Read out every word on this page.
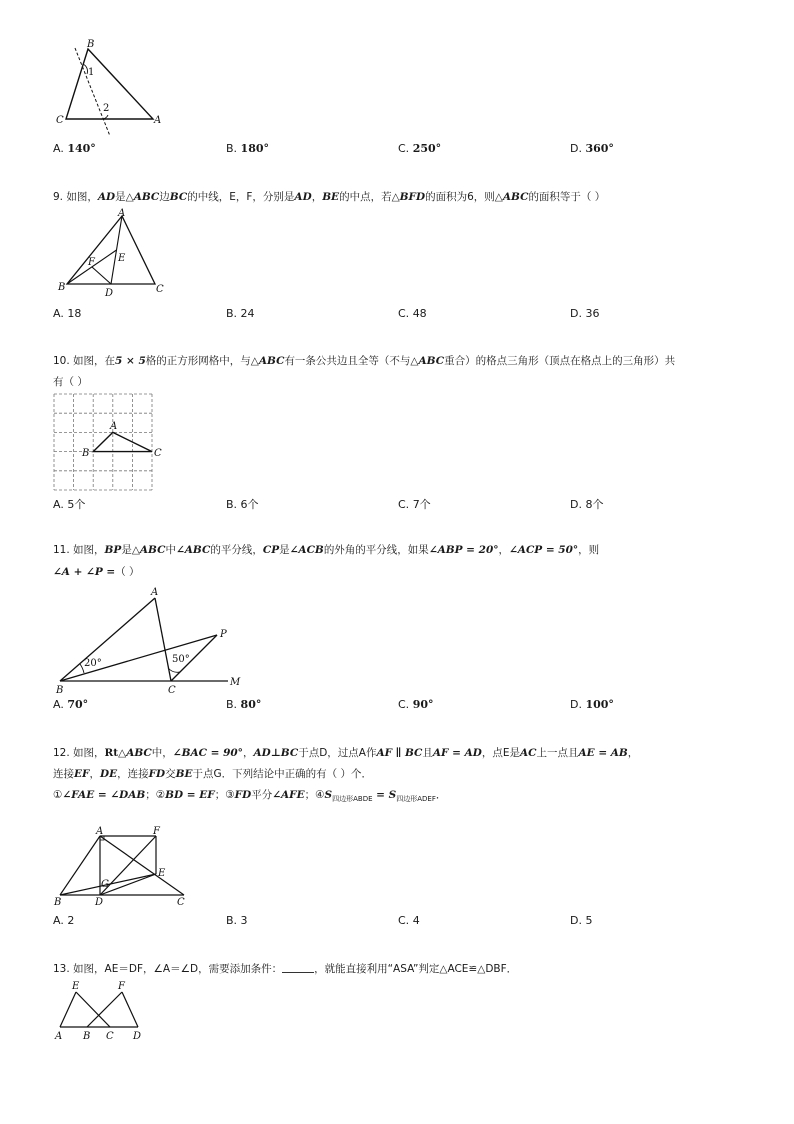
B
1
2
C	A
A. 140°	B. 180°	C. 250°	D. 360°
9. 如图，AD是△ABC边BC的中线，E，F，分别是AD，BE的中点，若△BFD的面积为6，则△ABC的面积等于（ ）
A
F E
B
D	C
A. 18	B. 24	C. 48	D. 36
10. 如图，在5 × 5格的正方形网格中，与△ABC有一条公共边且全等（不与△ABC重合）的格点三角形（顶点在格点上的三角形）共
有（ ）
A
B	C
A. 5个	B. 6个	C. 7个	D. 8个
11. 如图，BP是△ABC中∠ABC的平分线，CP是∠ACB的外角的平分线，如果∠ABP = 20°，∠ACP = 50°，则
∠A + ∠P =（ ）
A
P
20°	50°
B	C
M
A. 70°	B. 80°	C. 90°	D. 100°
12. 如图，Rt△ABC中，∠BAC = 90°，AD⊥BC于点D，过点A作AF ∥ BC且AF = AD，点E是AC上一点且AE = AB，
连接EF，DE，连接FD交BE于点G．下列结论中正确的有（ ）个．
①∠FAE = ∠DAB；②BD = EF；③FD平分∠AFE；$④S_{四边形ABDE} = S_{四边形ADEF}$．
A	F
E
G
B	D	C
A. 2	B. 3	C. 4	D. 5
13. 如图，AE＝DF，∠A＝∠D，需要添加条件：	，就能直接利用“ASA”判定△ACE≌△DBF．
E	F
A B C D
